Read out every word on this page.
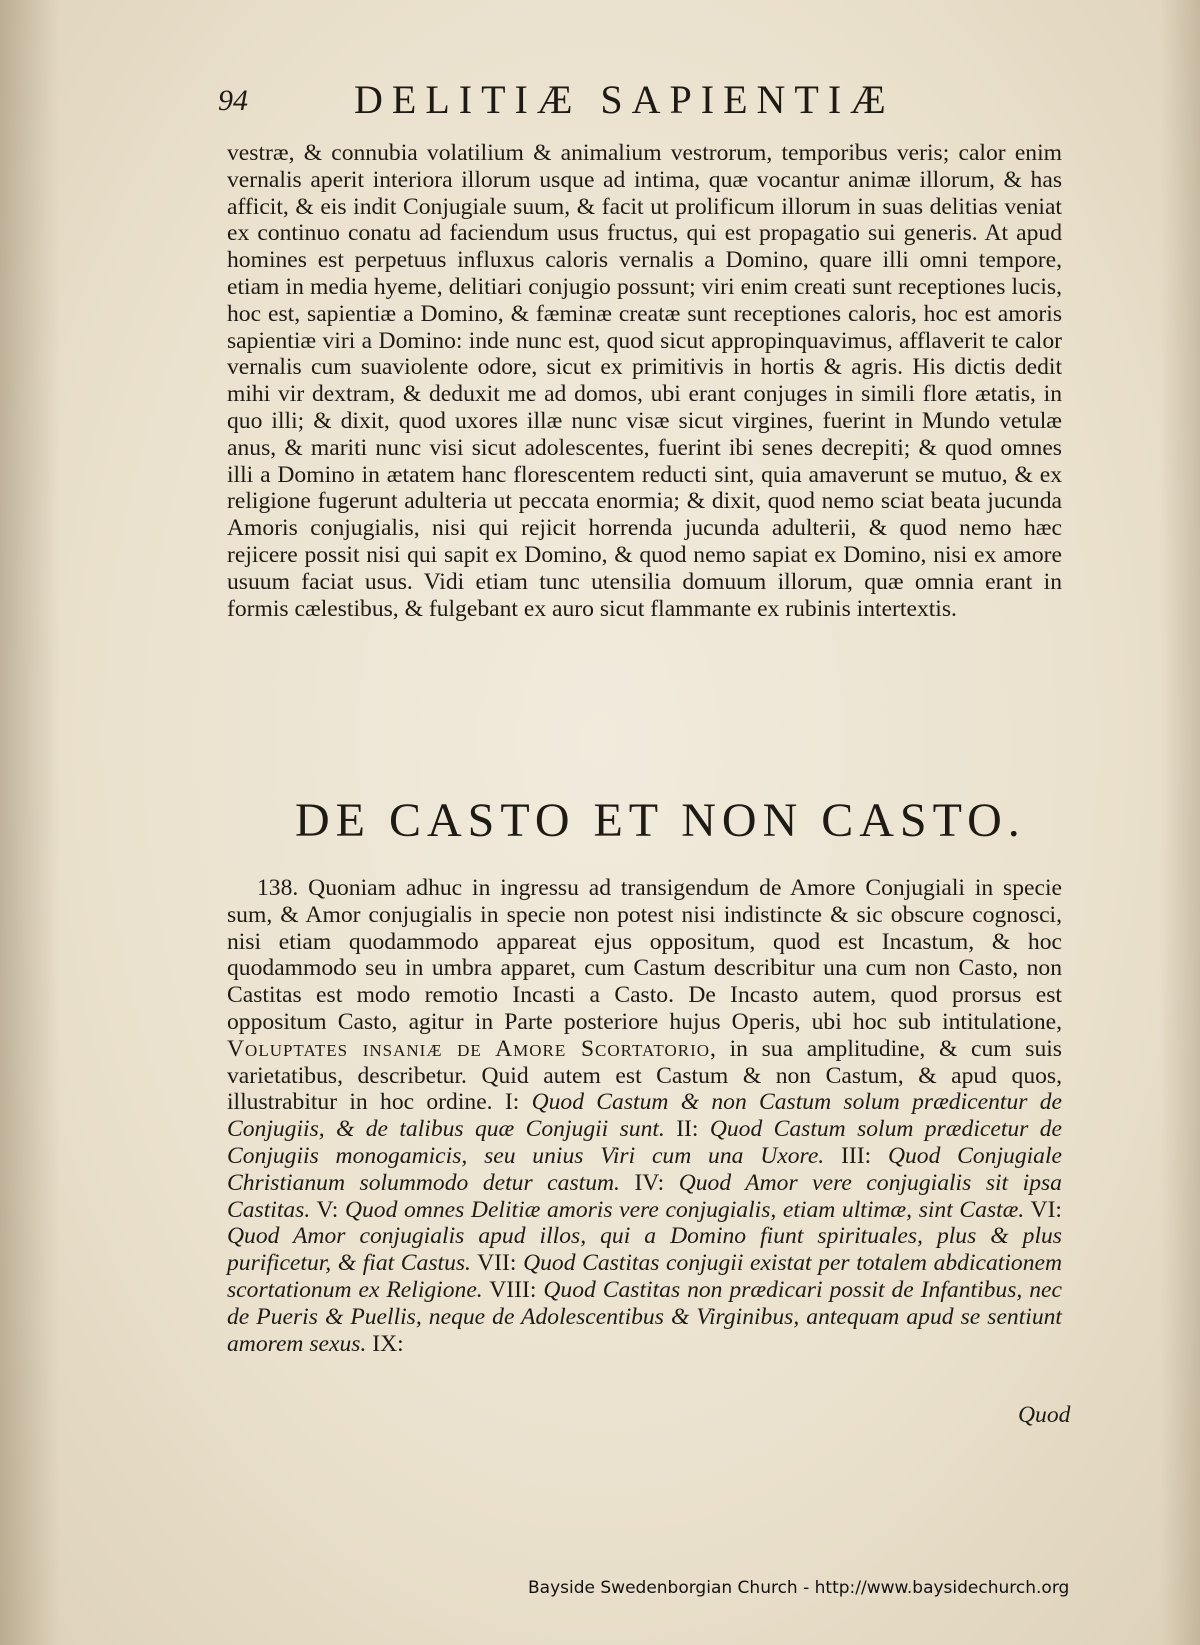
94	DELITIÆ SAPIENTIÆ
vestræ, & connubia volatilium & animalium vestrorum, temporibus veris; calor enim vernalis aperit interiora illorum usque ad intima, quæ vocantur animæ illorum, & has afficit, & eis indit Conjugiale suum, & facit ut prolificum illorum in suas delitias veniat ex continuo conatu ad faciendum usus fructus, qui est propagatio sui generis. At apud homines est perpetuus influxus caloris vernalis a Domino, quare illi omni tempore, etiam in media hyeme, delitiari conjugio possunt; viri enim creati sunt receptiones lucis, hoc est, sapientiæ a Domino, & fæminæ creatæ sunt receptiones caloris, hoc est amoris sapientiæ viri a Domino: inde nunc est, quod sicut appropinquavimus, afflaverit te calor vernalis cum suaviolente odore, sicut ex primitivis in hortis & agris. His dictis dedit mihi vir dextram, & deduxit me ad domos, ubi erant conjuges in simili flore ætatis, in quo illi; & dixit, quod uxores illæ nunc visæ sicut virgines, fuerint in Mundo vetulæ anus, & mariti nunc visi sicut adolescentes, fuerint ibi senes decrepiti; & quod omnes illi a Domino in ætatem hanc florescentem reducti sint, quia amaverunt se mutuo, & ex religione fugerunt adulteria ut peccata enormia; & dixit, quod nemo sciat beata jucunda Amoris conjugialis, nisi qui rejicit horrenda jucunda adulterii, & quod nemo hæc rejicere possit nisi qui sapit ex Domino, & quod nemo sapiat ex Domino, nisi ex amore usuum faciat usus. Vidi etiam tunc utensilia domuum illorum, quæ omnia erant in formis cælestibus, & fulgebant ex auro sicut flammante ex rubinis intertextis.
DE CASTO ET NON CASTO.
138. Quoniam adhuc in ingressu ad transigendum de Amore Conjugiali in specie sum, & Amor conjugialis in specie non potest nisi indistincte & sic obscure cognosci, nisi etiam quodammodo appareat ejus oppositum, quod est Incastum, & hoc quodammodo seu in umbra apparet, cum Castum describitur una cum non Casto, non Castitas est modo remotio Incasti a Casto. De Incasto autem, quod prorsus est oppositum Casto, agitur in Parte posteriore hujus Operis, ubi hoc sub intitulatione, Voluptates insaniæ de Amore Scortatorio, in sua amplitudine, & cum suis varietatibus, describetur. Quid autem est Castum & non Castum, & apud quos, illustrabitur in hoc ordine. I: Quod Castum & non Castum solum prædicentur de Conjugiis, & de talibus quæ Conjugii sunt. II: Quod Castum solum prædicetur de Conjugiis monogamicis, seu unius Viri cum una Uxore. III: Quod Conjugiale Christianum solummodo detur castum. IV: Quod Amor vere conjugialis sit ipsa Castitas. V: Quod omnes Delitiæ amoris vere conjugialis, etiam ultimæ, sint Castæ. VI: Quod Amor conjugialis apud illos, qui a Domino fiunt spirituales, plus & plus purificetur, & fiat Castus. VII: Quod Castitas conjugii existat per totalem abdicationem scortationum ex Religione. VIII: Quod Castitas non prædicari possit de Infantibus, nec de Pueris & Puellis, neque de Adolescentibus & Virginibus, antequam apud se sentiunt amorem sexus. IX:
Quod
Bayside Swedenborgian Church - http://www.baysidechurch.org
